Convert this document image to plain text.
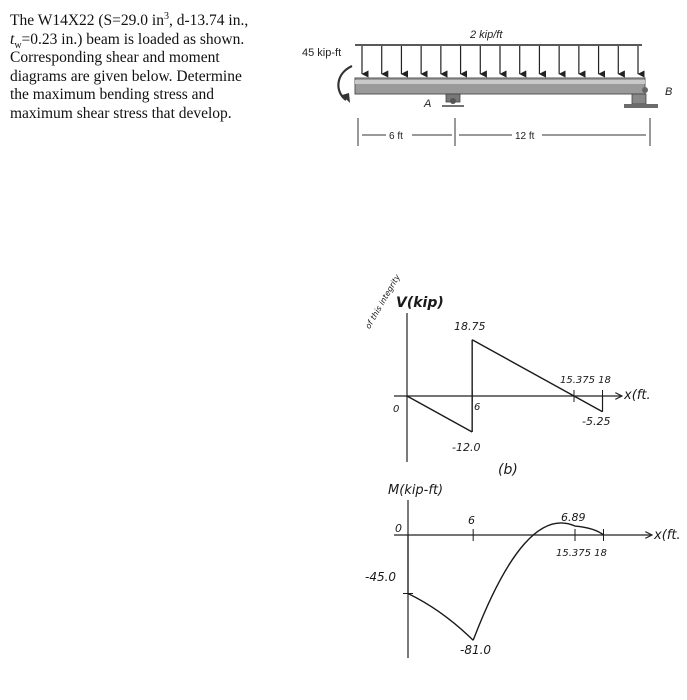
The W14X22 (S=29.0 $in^3$, d-13.74 in.,
$t_w=0.23$ in.) beam is loaded as shown.
Corresponding shear and moment
diagrams are given below. Determine
the maximum bending stress and
maximum shear stress that develop.
2 kip/ft
45 kip-ft
A
B
6 ft	12 ft
of this integrity
V(kip)
18.75
0	6
-12.0
15.375 18
-5.25
x(ft.
(b)
M(kip-ft)
0
6
-45.0
-81.0
6.89
15.375 18
x(ft.
